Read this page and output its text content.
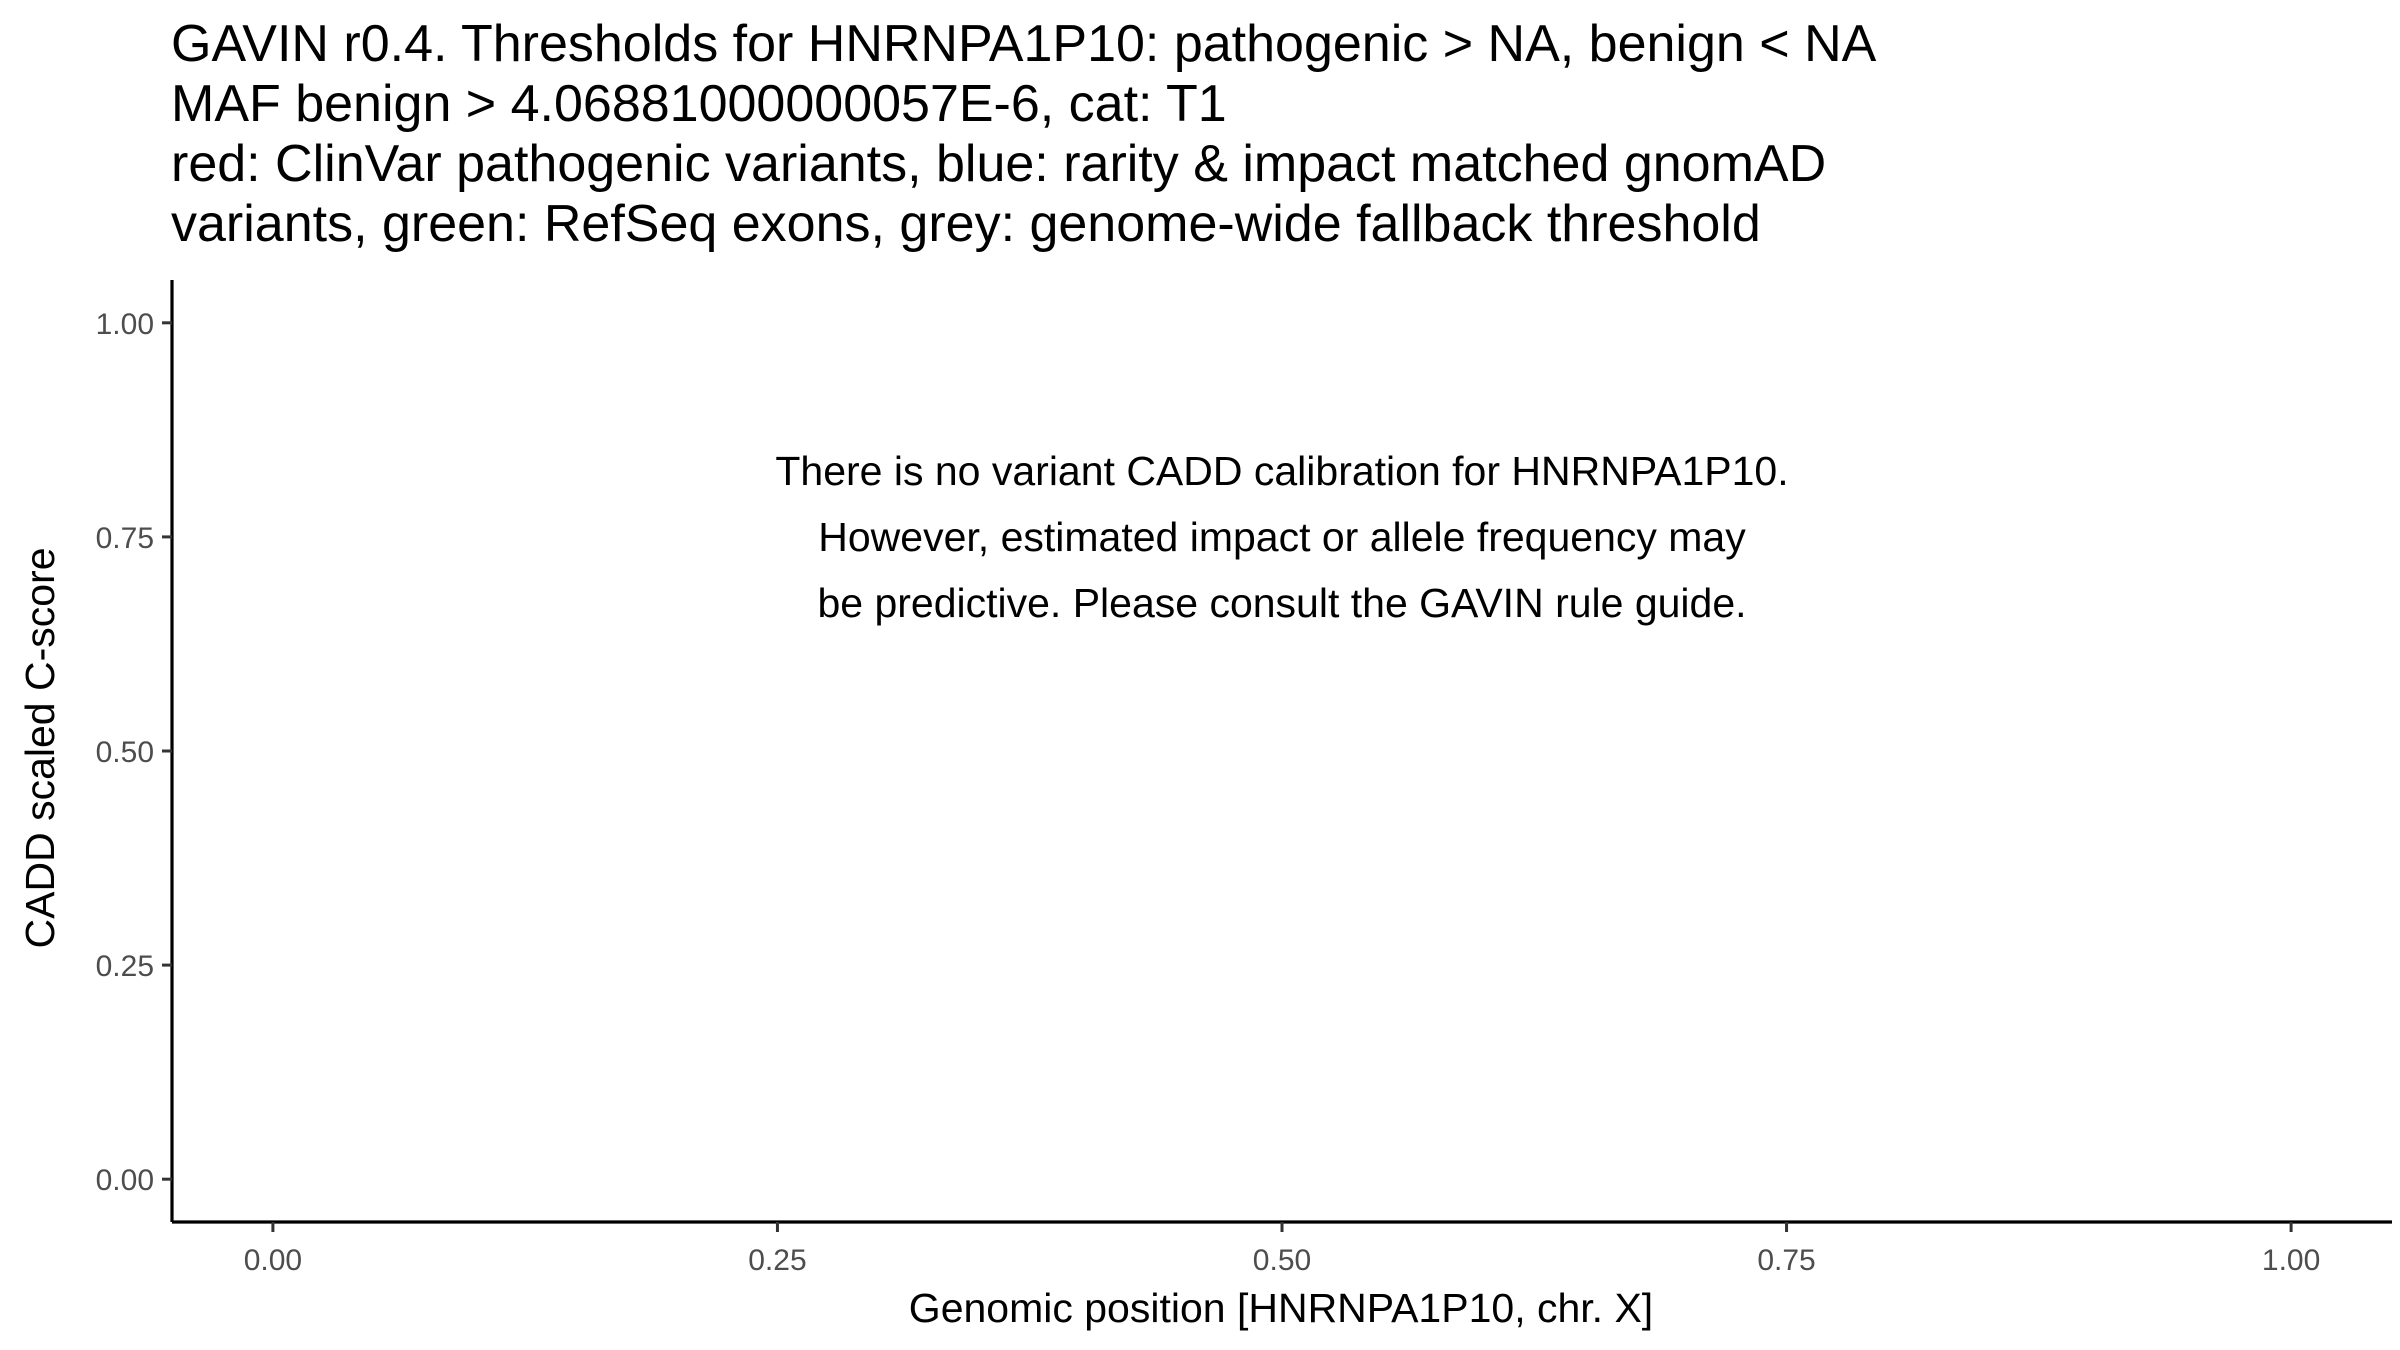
GAVIN r0.4. Thresholds for HNRNPA1P10: pathogenic > NA, benign < NA
MAF benign > 4.06881000000057E-6, cat: T1
red: ClinVar pathogenic variants, blue: rarity & impact matched gnomAD
variants, green: RefSeq exons, grey: genome-wide fallback threshold
0.00
0.25
0.50
0.75
1.00
0.00	0.25	0.50	0.75	1.00
There is no variant CADD calibration for HNRNPA1P10.
However, estimated impact or allele frequency may
be predictive. Please consult the GAVIN rule guide.
Genomic position [HNRNPA1P10, chr. X]
CADD scaled C-score
